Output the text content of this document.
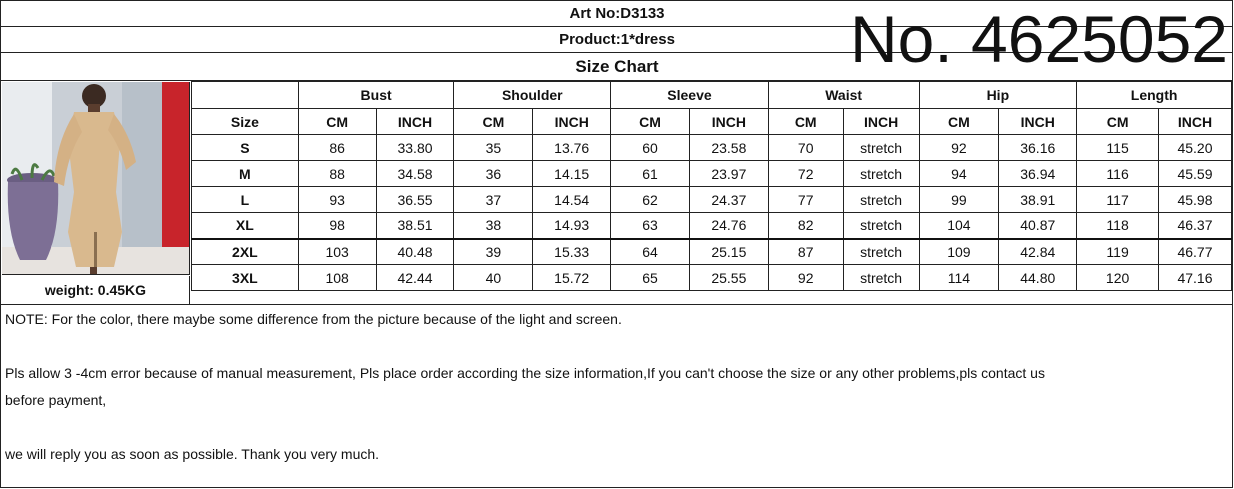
Art No:D3133
Product:1*dress
Size Chart	No. 4625052
weight: 0.45KG
	Bust		Shoulder		Sleeve		Waist		Hip		Length	
Size	CM	INCH	CM	INCH	CM	INCH	CM	INCH	CM	INCH	CM	INCH
S	86	33.80	35	13.76	60	23.58	70	stretch	92	36.16	115	45.20
M	88	34.58	36	14.15	61	23.97	72	stretch	94	36.94	116	45.59
L	93	36.55	37	14.54	62	24.37	77	stretch	99	38.91	117	45.98
XL	98	38.51	38	14.93	63	24.76	82	stretch	104	40.87	118	46.37
2XL	103	40.48	39	15.33	64	25.15	87	stretch	109	42.84	119	46.77
3XL	108	42.44	40	15.72	65	25.55	92	stretch	114	44.80	120	47.16

NOTE: For the color, there maybe some difference from the picture because of the light and screen.

Pls allow 3 -4cm error because of manual measurement, Pls place order according the size information,If you can't choose the size or any other problems,pls contact us

before payment,

we will reply you as soon as possible. Thank you very much.
